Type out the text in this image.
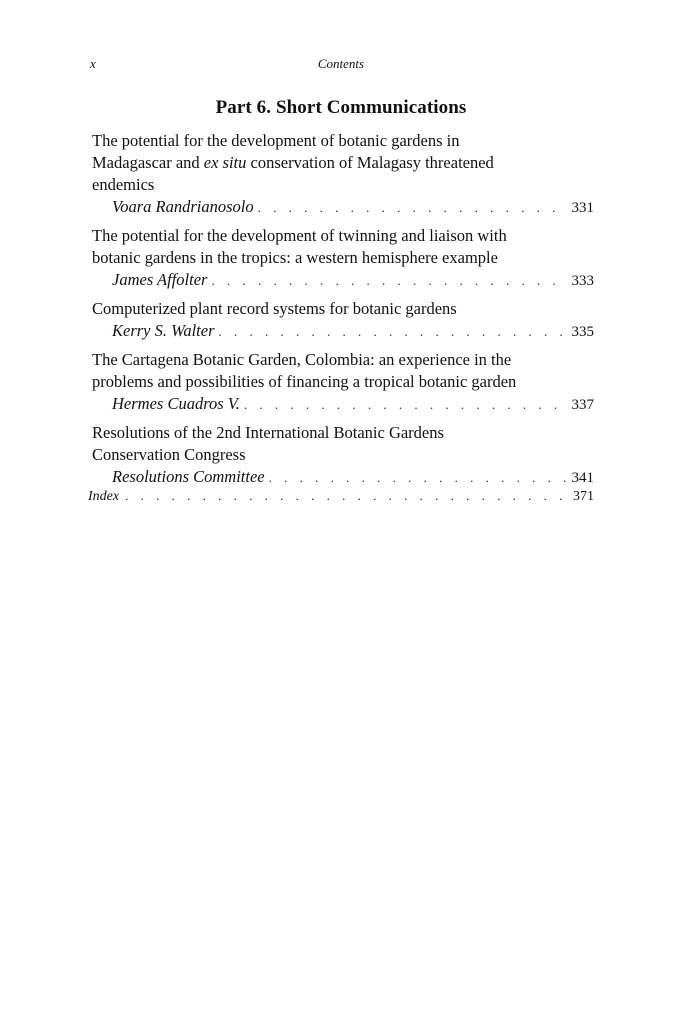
x	Contents
Part 6. Short Communications
The potential for the development of botanic gardens in
Madagascar and ex situ conservation of Malagasy threatened
endemics
Voara Randrianosolo . . .	331
The potential for the development of twinning and liaison with
botanic gardens in the tropics: a western hemisphere example
James Affolter . . .	333
Computerized plant record systems for botanic gardens
Kerry S. Walter . . .	335
The Cartagena Botanic Garden, Colombia: an experience in the
problems and possibilities of financing a tropical botanic garden
Hermes Cuadros V. . . .	337
Resolutions of the 2nd International Botanic Gardens
Conservation Congress
Resolutions Committee . . .	341
Index . . .	371
